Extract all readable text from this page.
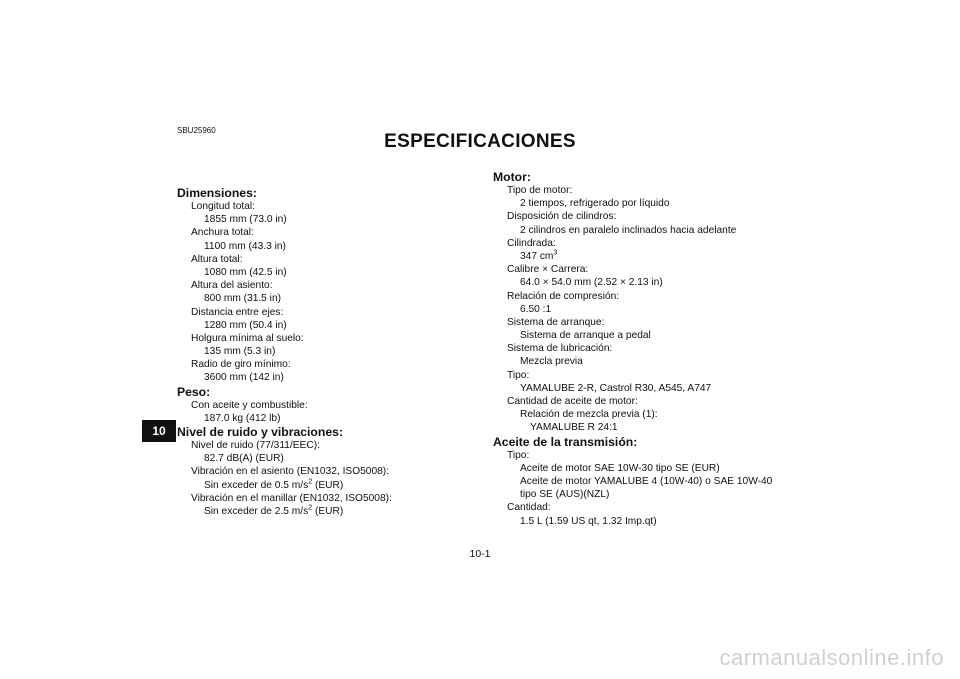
SBU25960
ESPECIFICACIONES
10
Dimensiones:
Longitud total:
1855 mm (73.0 in)
Anchura total:
1100 mm (43.3 in)
Altura total:
1080 mm (42.5 in)
Altura del asiento:
800 mm (31.5 in)
Distancia entre ejes:
1280 mm (50.4 in)
Holgura mínima al suelo:
135 mm (5.3 in)
Radio de giro mínimo:
3600 mm (142 in)
Peso:
Con aceite y combustible:
187.0 kg (412 lb)
Nivel de ruido y vibraciones:
Nivel de ruido (77/311/EEC):
82.7 dB(A) (EUR)
Vibración en el asiento (EN1032, ISO5008):
Sin exceder de 0.5 $m/s^2$ (EUR)
Vibración en el manillar (EN1032, ISO5008):
Sin exceder de 2.5 $m/s^2$ (EUR)
Motor:
Tipo de motor:
2 tiempos, refrigerado por líquido
Disposición de cilindros:
2 cilindros en paralelo inclinados hacia adelante
Cilindrada:
347 $cm^3$
Calibre × Carrera:
64.0 × 54.0 mm (2.52 × 2.13 in)
Relación de compresión:
6.50 :1
Sistema de arranque:
Sistema de arranque a pedal
Sistema de lubricación:
Mezcla previa
Tipo:
YAMALUBE 2-R, Castrol R30, A545, A747
Cantidad de aceite de motor:
Relación de mezcla previa (1):
YAMALUBE R 24:1
Aceite de la transmisión:
Tipo:
Aceite de motor SAE 10W-30 tipo SE (EUR)
Aceite de motor YAMALUBE 4 (10W-40) o SAE 10W-40
tipo SE (AUS)(NZL)
Cantidad:
1.5 L (1.59 US qt, 1.32 Imp.qt)
10-1
carmanualsonline.info
